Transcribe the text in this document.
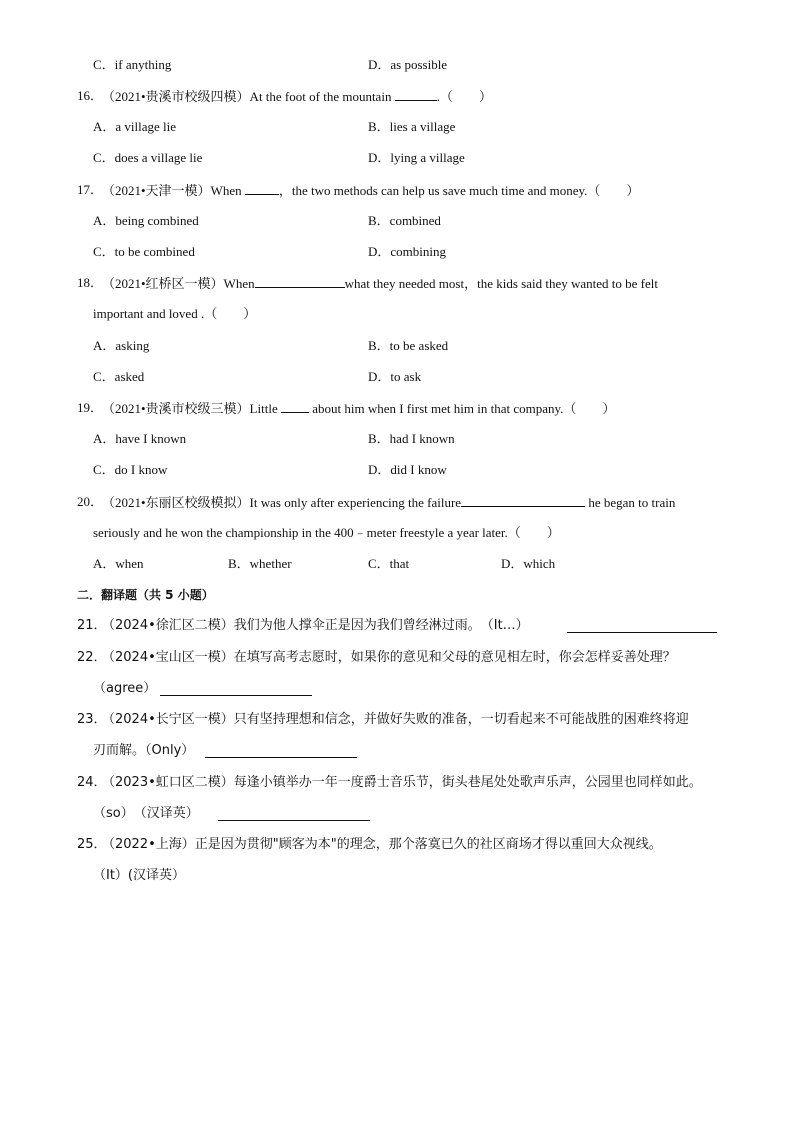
C．if anything	D．as possible
16．
（2021•贵溪市校级四模）At the foot of the mountain	.（　　）
A．a village lie	B．lies a village
C．does a village lie	D．lying a village
17．
（2021•天津一模）When	，the two methods can help us save much time and money.（　　）
A．being combined	B．combined
C．to be combined	D．combining
18．
（2021•红桥区一模）When	what they needed most，the kids said they wanted to be felt
important and loved .（　　）
A．asking	B．to be asked
C．asked	D．to ask
19．
（2021•贵溪市校级三模）Little	about him when I first met him in that company.（　　）
A．have I known	B．had I known
C．do I know	D．did I know
20．
（2021•东丽区校级模拟）It was only after experiencing the failure	he began to train
seriously and he won the championship in the 400﹣meter freestyle a year later.（　　）
A．when	B．whether	C．that	D．which
二．翻译题（共 5 小题）
21．
（2024•徐汇区二模）我们为他人撑伞正是因为我们曾经淋过雨。　（It…）
22．
（2024•宝山区一模）在填写高考志愿时，如果你的意见和父母的意见相左时，你会怎样妥善处理？
（agree）
23．
（2024•长宁区一模）只有坚持理想和信念，并做好失败的准备，一切看起来不可能战胜的困难终将迎
刃而解。（Only）
24．
（2023•虹口区二模）每逢小镇举办一年一度爵士音乐节，街头巷尾处处歌声乐声，公园里也同样如此。
（so）　（汉译英）
25．
（2022•上海）正是因为贯彻"顾客为本"的理念，那个落寞已久的社区商场才得以重回大众视线。
（It）(汉译英）
